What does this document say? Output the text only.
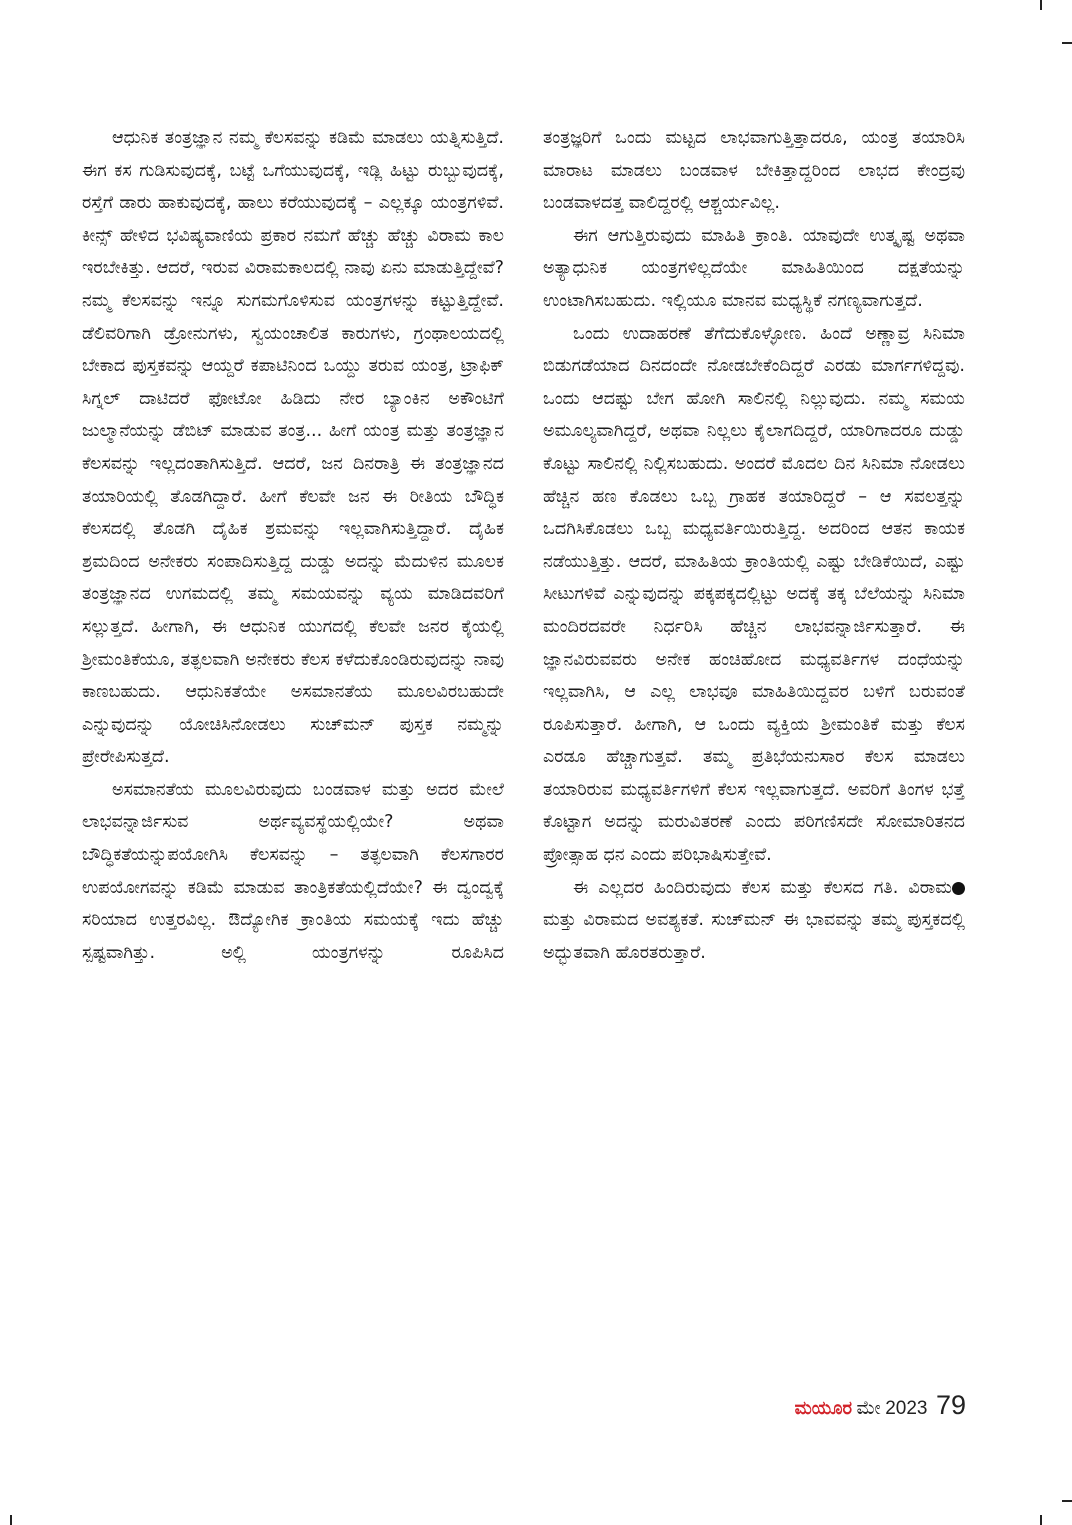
ಆಧುನಿಕ ತಂತ್ರಜ್ಞಾನ ನಮ್ಮ ಕೆಲಸವನ್ನು ಕಡಿಮೆ ಮಾಡಲು ಯತ್ನಿಸುತ್ತಿದೆ. ಈಗ ಕಸ ಗುಡಿಸುವುದಕ್ಕೆ, ಬಟ್ಟೆ ಒಗೆಯುವುದಕ್ಕೆ, ಇಡ್ಲಿ ಹಿಟ್ಟು ರುಬ್ಬುವುದಕ್ಕೆ, ರಸ್ತೆಗೆ ಡಾರು ಹಾಕುವುದಕ್ಕೆ, ಹಾಲು ಕರೆಯುವುದಕ್ಕೆ – ಎಲ್ಲಕ್ಕೂ ಯಂತ್ರಗಳಿವೆ. ಕೀನ್ಸ್ ಹೇಳಿದ ಭವಿಷ್ಯವಾಣಿಯ ಪ್ರಕಾರ ನಮಗೆ ಹೆಚ್ಚು ಹೆಚ್ಚು ವಿರಾಮ ಕಾಲ ಇರಬೇಕಿತ್ತು. ಆದರೆ, ಇರುವ ವಿರಾಮಕಾಲದಲ್ಲಿ ನಾವು ಏನು ಮಾಡುತ್ತಿದ್ದೇವೆ? ನಮ್ಮ ಕೆಲಸವನ್ನು ಇನ್ನೂ ಸುಗಮಗೊಳಿಸುವ ಯಂತ್ರಗಳನ್ನು ಕಟ್ಟುತ್ತಿದ್ದೇವೆ. ಡೆಲಿವರಿಗಾಗಿ ಡ್ರೋನುಗಳು, ಸ್ವಯಂಚಾಲಿತ ಕಾರುಗಳು, ಗ್ರಂಥಾಲಯದಲ್ಲಿ ಬೇಕಾದ ಪುಸ್ತಕವನ್ನು ಆಯ್ದರೆ ಕಪಾಟಿನಿಂದ ಒಯ್ದು ತರುವ ಯಂತ್ರ, ಟ್ರಾಫಿಕ್ ಸಿಗ್ನಲ್ ದಾಟಿದರೆ ಫೋಟೋ ಹಿಡಿದು ನೇರ ಬ್ಯಾಂಕಿನ ಅಕೌಂಟಿಗೆ ಜುಲ್ಮಾನೆಯನ್ನು ಡೆಬಿಟ್ ಮಾಡುವ ತಂತ್ರ... ಹೀಗೆ ಯಂತ್ರ ಮತ್ತು ತಂತ್ರಜ್ಞಾನ ಕೆಲಸವನ್ನು ಇಲ್ಲದಂತಾಗಿಸುತ್ತಿದೆ. ಆದರೆ, ಜನ ದಿನರಾತ್ರಿ ಈ ತಂತ್ರಜ್ಞಾನದ ತಯಾರಿಯಲ್ಲಿ ತೊಡಗಿದ್ದಾರೆ. ಹೀಗೆ ಕೆಲವೇ ಜನ ಈ ರೀತಿಯ ಬೌದ್ಧಿಕ ಕೆಲಸದಲ್ಲಿ ತೊಡಗಿ ದೈಹಿಕ ಶ್ರಮವನ್ನು ಇಲ್ಲವಾಗಿಸುತ್ತಿದ್ದಾರೆ. ದೈಹಿಕ ಶ್ರಮದಿಂದ ಅನೇಕರು ಸಂಪಾದಿಸುತ್ತಿದ್ದ ದುಡ್ಡು ಅದನ್ನು ಮೆದುಳಿನ ಮೂಲಕ ತಂತ್ರಜ್ಞಾನದ ಉಗಮದಲ್ಲಿ ತಮ್ಮ ಸಮಯವನ್ನು ವ್ಯಯ ಮಾಡಿದವರಿಗೆ ಸಲ್ಲುತ್ತದೆ. ಹೀಗಾಗಿ, ಈ ಆಧುನಿಕ ಯುಗದಲ್ಲಿ ಕೆಲವೇ ಜನರ ಕೈಯಲ್ಲಿ ಶ್ರೀಮಂತಿಕೆಯೂ, ತತ್ಫಲವಾಗಿ ಅನೇಕರು ಕೆಲಸ ಕಳೆದುಕೊಂಡಿರುವುದನ್ನು ನಾವು ಕಾಣಬಹುದು. ಆಧುನಿಕತೆಯೇ ಅಸಮಾನತೆಯ ಮೂಲವಿರಬಹುದೇ ಎನ್ನುವುದನ್ನು ಯೋಚಿಸಿನೋಡಲು ಸುಚ್‌ಮನ್ ಪುಸ್ತಕ ನಮ್ಮನ್ನು ಪ್ರೇರೇಪಿಸುತ್ತದೆ.

ಅಸಮಾನತೆಯ ಮೂಲವಿರುವುದು ಬಂಡವಾಳ ಮತ್ತು ಅದರ ಮೇಲೆ ಲಾಭವನ್ನಾರ್ಜಿಸುವ ಅರ್ಥವ್ಯವಸ್ಥೆಯಲ್ಲಿಯೇ? ಅಥವಾ ಬೌದ್ಧಿಕತೆಯನ್ನುಪಯೋಗಿಸಿ ಕೆಲಸವನ್ನು – ತತ್ಫಲವಾಗಿ ಕೆಲಸಗಾರರ ಉಪಯೋಗವನ್ನು ಕಡಿಮೆ ಮಾಡುವ ತಾಂತ್ರಿಕತೆಯಲ್ಲಿದೆಯೇ? ಈ ದ್ವಂದ್ವಕ್ಕೆ ಸರಿಯಾದ ಉತ್ತರವಿಲ್ಲ. ಔದ್ಯೋಗಿಕ ಕ್ರಾಂತಿಯ ಸಮಯಕ್ಕೆ ಇದು ಹೆಚ್ಚು ಸ್ಪಷ್ಟವಾಗಿತ್ತು. ಅಲ್ಲಿ ಯಂತ್ರಗಳನ್ನು ರೂಪಿಸಿದ

ತಂತ್ರಜ್ಞರಿಗೆ ಒಂದು ಮಟ್ಟದ ಲಾಭವಾಗುತ್ತಿತ್ತಾದರೂ, ಯಂತ್ರ ತಯಾರಿಸಿ ಮಾರಾಟ ಮಾಡಲು ಬಂಡವಾಳ ಬೇಕಿತ್ತಾದ್ದರಿಂದ ಲಾಭದ ಕೇಂದ್ರವು ಬಂಡವಾಳದತ್ತ ವಾಲಿದ್ದರಲ್ಲಿ ಆಶ್ಚರ್ಯವಿಲ್ಲ.

ಈಗ ಆಗುತ್ತಿರುವುದು ಮಾಹಿತಿ ಕ್ರಾಂತಿ. ಯಾವುದೇ ಉತ್ಕೃಷ್ಟ ಅಥವಾ ಅತ್ಯಾಧುನಿಕ ಯಂತ್ರಗಳಿಲ್ಲದೆಯೇ ಮಾಹಿತಿಯಿಂದ ದಕ್ಷತೆಯನ್ನು ಉಂಟಾಗಿಸಬಹುದು. ಇಲ್ಲಿಯೂ ಮಾನವ ಮಧ್ಯಸ್ಥಿಕೆ ನಗಣ್ಯವಾಗುತ್ತದೆ.

ಒಂದು ಉದಾಹರಣೆ ತೆಗೆದುಕೊಳ್ಳೋಣ. ಹಿಂದೆ ಅಣ್ಣಾವ್ರ ಸಿನಿಮಾ ಬಿಡುಗಡೆಯಾದ ದಿನದಂದೇ ನೋಡಬೇಕೆಂದಿದ್ದರೆ ಎರಡು ಮಾರ್ಗಗಳಿದ್ದವು. ಒಂದು ಆದಷ್ಟು ಬೇಗ ಹೋಗಿ ಸಾಲಿನಲ್ಲಿ ನಿಲ್ಲುವುದು. ನಮ್ಮ ಸಮಯ ಅಮೂಲ್ಯವಾಗಿದ್ದರೆ, ಅಥವಾ ನಿಲ್ಲಲು ಕೈಲಾಗದಿದ್ದರೆ, ಯಾರಿಗಾದರೂ ದುಡ್ಡು ಕೊಟ್ಟು ಸಾಲಿನಲ್ಲಿ ನಿಲ್ಲಿಸಬಹುದು. ಅಂದರೆ ಮೊದಲ ದಿನ ಸಿನಿಮಾ ನೋಡಲು ಹೆಚ್ಚಿನ ಹಣ ಕೊಡಲು ಒಬ್ಬ ಗ್ರಾಹಕ ತಯಾರಿದ್ದರೆ – ಆ ಸವಲತ್ತನ್ನು ಒದಗಿಸಿಕೊಡಲು ಒಬ್ಬ ಮಧ್ಯವರ್ತಿಯಿರುತ್ತಿದ್ದ. ಅದರಿಂದ ಆತನ ಕಾಯಕ ನಡೆಯುತ್ತಿತ್ತು. ಆದರೆ, ಮಾಹಿತಿಯ ಕ್ರಾಂತಿಯಲ್ಲಿ ಎಷ್ಟು ಬೇಡಿಕೆಯಿದೆ, ಎಷ್ಟು ಸೀಟುಗಳಿವೆ ಎನ್ನುವುದನ್ನು ಪಕ್ಕಪಕ್ಕದಲ್ಲಿಟ್ಟು ಅದಕ್ಕೆ ತಕ್ಕ ಬೆಲೆಯನ್ನು ಸಿನಿಮಾ ಮಂದಿರದವರೇ ನಿರ್ಧರಿಸಿ ಹೆಚ್ಚಿನ ಲಾಭವನ್ನಾರ್ಜಿಸುತ್ತಾರೆ. ಈ ಜ್ಞಾನವಿರುವವರು ಅನೇಕ ಹಂಚಿಹೋದ ಮಧ್ಯವರ್ತಿಗಳ ದಂಧೆಯನ್ನು ಇಲ್ಲವಾಗಿಸಿ, ಆ ಎಲ್ಲ ಲಾಭವೂ ಮಾಹಿತಿಯಿದ್ದವರ ಬಳಿಗೆ ಬರುವಂತೆ ರೂಪಿಸುತ್ತಾರೆ. ಹೀಗಾಗಿ, ಆ ಒಂದು ವ್ಯಕ್ತಿಯ ಶ್ರೀಮಂತಿಕೆ ಮತ್ತು ಕೆಲಸ ಎರಡೂ ಹೆಚ್ಚಾಗುತ್ತವೆ. ತಮ್ಮ ಪ್ರತಿಭೆಯನುಸಾರ ಕೆಲಸ ಮಾಡಲು ತಯಾರಿರುವ ಮಧ್ಯವರ್ತಿಗಳಿಗೆ ಕೆಲಸ ಇಲ್ಲವಾಗುತ್ತದೆ. ಅವರಿಗೆ ತಿಂಗಳ ಭತ್ತೆ ಕೊಟ್ಟಾಗ ಅದನ್ನು ಮರುವಿತರಣೆ ಎಂದು ಪರಿಗಣಿಸದೇ ಸೋಮಾರಿತನದ ಪ್ರೋತ್ಸಾಹ ಧನ ಎಂದು ಪರಿಭಾಷಿಸುತ್ತೇವೆ.

ಈ ಎಲ್ಲದರ ಹಿಂದಿರುವುದು ಕೆಲಸ ಮತ್ತು ಕೆಲಸದ ಗತಿ. ವಿರಾಮ ಮತ್ತು ವಿರಾಮದ ಅವಶ್ಯಕತೆ. ಸುಚ್‌ಮನ್ ಈ ಭಾವವನ್ನು ತಮ್ಮ ಪುಸ್ತಕದಲ್ಲಿ ಅದ್ಭುತವಾಗಿ ಹೊರತರುತ್ತಾರೆ.

ಮಯೂರ ಮೇ 2023 79
